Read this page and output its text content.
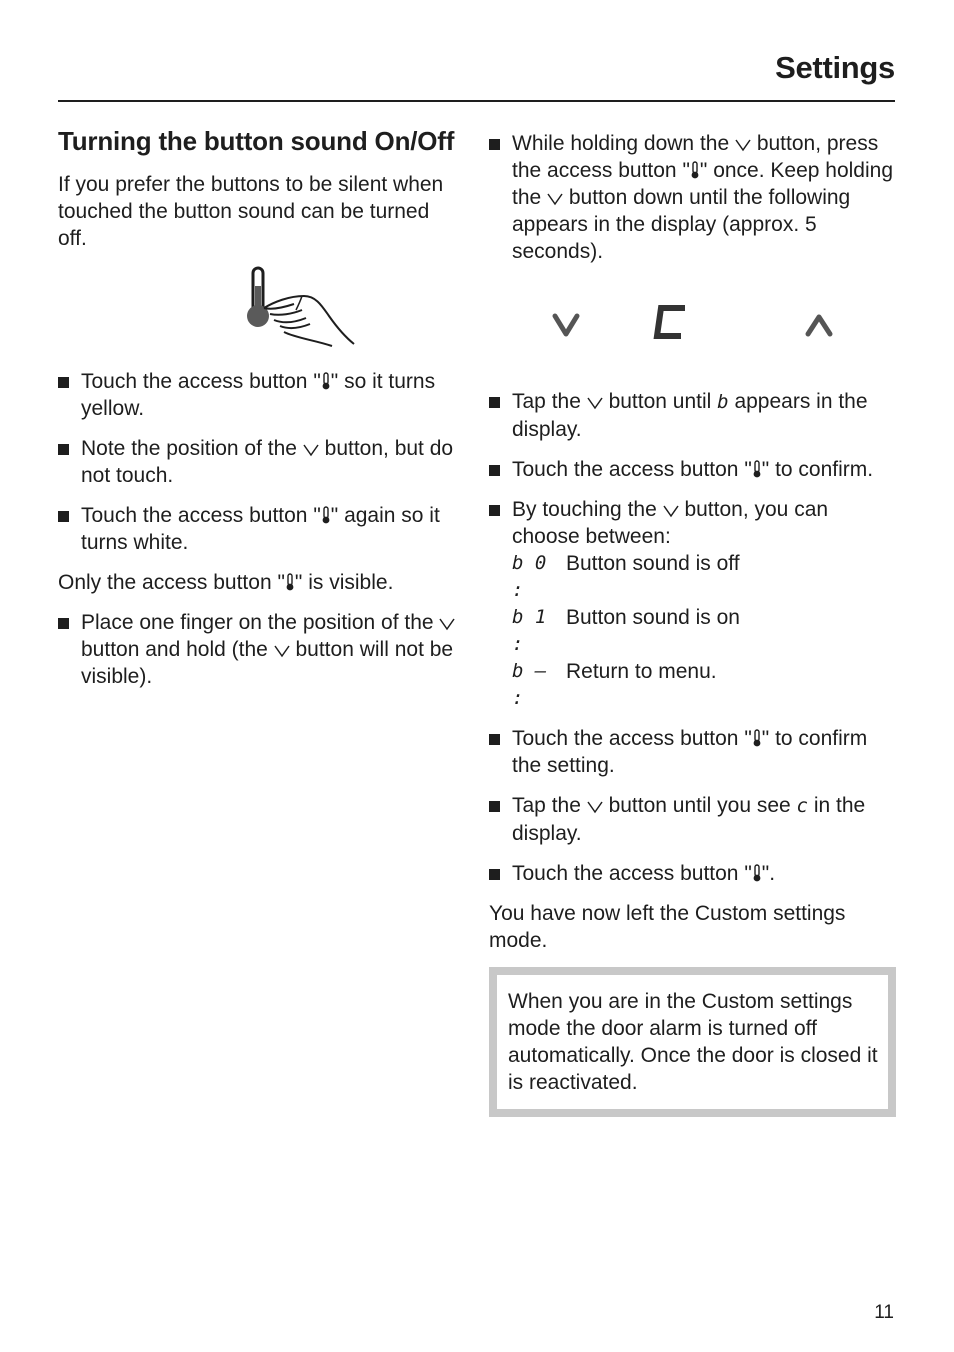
Settings
Turning the button sound On/Off

If you prefer the buttons to be silent when touched the button sound can be turned off.

Touch the access button " " so it turns yellow.
Note the position of the  button, but do not touch.
Touch the access button " " again so it turns white.

Only the access button " " is visible.

Place one finger on the position of the  button and hold (the  button will not be visible).
While holding down the  button, press the access button " " once. Keep holding the  button down until the following appears in the display (approx. 5 seconds).
Tap the  button until b appears in the display.
Touch the access button " " to confirm.
By touching the  button, you can choose between:
b 0 :
Button sound is off
b 1 :
Button sound is on
b – :
Return to menu.
Touch the access button " " to confirm the setting.
Tap the  button until you see c in the display.
Touch the access button " ".

You have now left the Custom settings mode.

When you are in the Custom settings mode the door alarm is turned off automatically. Once the door is closed it is reactivated.

11
